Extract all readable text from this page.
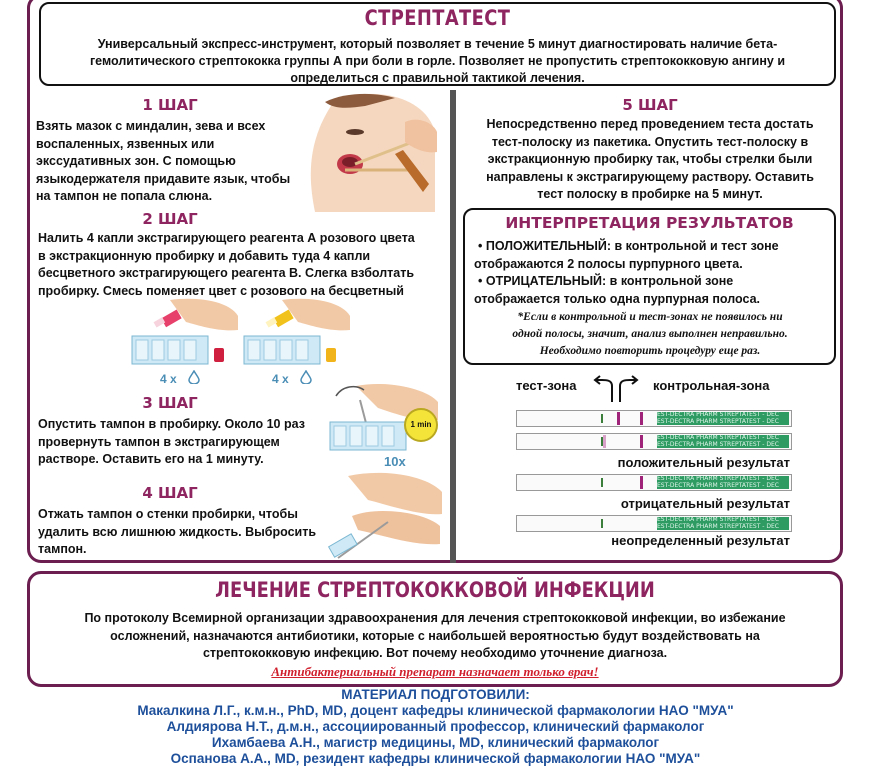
СТРЕПТАТЕСТ
Универсальный экспресс-инструмент, который позволяет в течение 5 минут диагностировать наличие бета-
гемолитического стрептококка группы А при боли в горле. Позволяет не пропустить стрептококковую ангину и
определиться с правильной тактикой лечения.
1 ШАГ
Взять мазок с миндалин, зева и всех
воспаленных, язвенных или
экссудативных зон. С помощью
языкодержателя придавите язык, чтобы
на тампон не попала слюна.
2 ШАГ
Налить 4 капли экстрагирующего реагента А розового цвета
в экстракционную пробирку и добавить туда 4 капли
бесцветного экстрагирующего реагента В. Слегка взболтать
пробирку. Смесь поменяет цвет с розового на бесцветный
4 x	4 x
3 ШАГ
Опустить тампон в пробирку. Около 10 раз
провернуть тампон в экстрагирующем
растворе. Оставить его на 1 минуту.
1 min
10x
4 ШАГ
Отжать тампон о стенки пробирки, чтобы
удалить всю лишнюю жидкость. Выбросить
тампон.
5 ШАГ
Непосредственно перед проведением теста достать
тест-полоску из пакетика. Опустить тест-полоску в
экстракционную пробирку так, чтобы стрелки были
направлены к экстрагирующему раствору. Оставить
тест полоску в пробирке на 5 минут.
ИНТЕРПРЕТАЦИЯ РЕЗУЛЬТАТОВ
• ПОЛОЖИТЕЛЬНЫЙ: в контрольной и тест зоне
отображаются 2 полосы пурпурного цвета.
• ОТРИЦАТЕЛЬНЫЙ: в контрольной зоне
отображается только одна пурпурная полоса.
*Если в контрольной и тест-зонах не появилось ни
одной полосы, значит, анализ выполнен неправильно.
Необходимо повторить процедуру еще раз.
тест-зона	контрольная-зона
EST-DECTRA PHARM STREPTATEST - DEC EST-DECTRA PHARM STREPTATEST - DEC
EST-DECTRA PHARM STREPTATEST - DEC EST-DECTRA PHARM STREPTATEST - DEC
положительный результат
EST-DECTRA PHARM STREPTATEST - DEC EST-DECTRA PHARM STREPTATEST - DEC
отрицательный результат
EST-DECTRA PHARM STREPTATEST - DEC EST-DECTRA PHARM STREPTATEST - DEC
неопределенный результат
ЛЕЧЕНИЕ СТРЕПТОКОККОВОЙ ИНФЕКЦИИ
По протоколу Всемирной организации здравоохранения для лечения стрептококковой инфекции, во избежание
осложнений, назначаются антибиотики, которые с наибольшей вероятностью будут воздействовать на
стрептококковую инфекцию. Вот почему необходимо уточнение диагноза.
Антибактериальный препарат назначает только врач!
МАТЕРИАЛ ПОДГОТОВИЛИ:
Макалкина Л.Г., к.м.н., PhD, MD, доцент кафедры клинической фармакологии НАО "МУА"
Алдиярова Н.Т., д.м.н., ассоциированный профессор, клинический фармаколог
Ихамбаева А.Н., магистр медицины, MD, клинический фармаколог
Оспанова А.А., MD, резидент кафедры клинической фармакологии НАО "МУА"
